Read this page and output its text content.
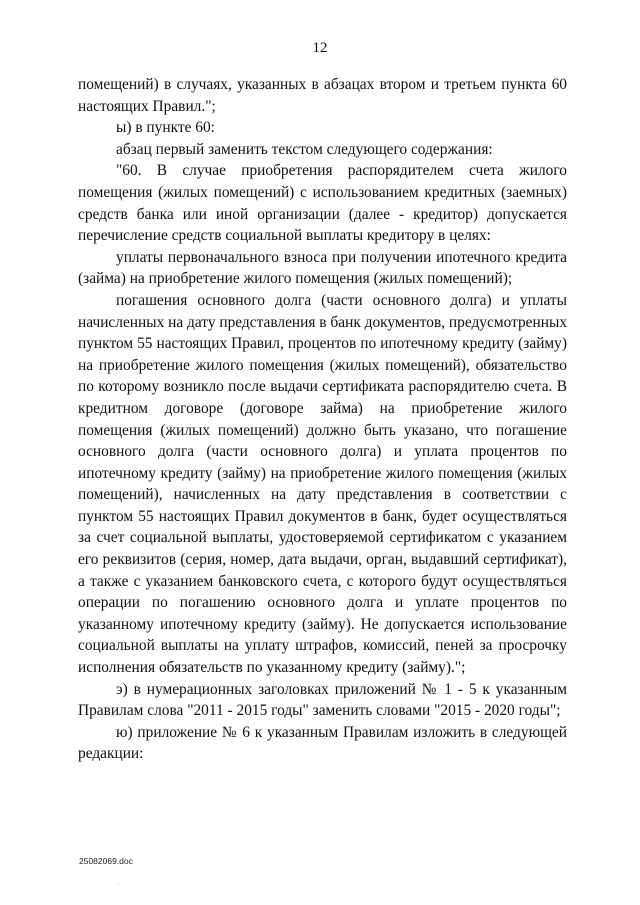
12

помещений) в случаях, указанных в абзацах втором и третьем пункта 60 настоящих Правил.";

ы) в пункте 60:

абзац первый заменить текстом следующего содержания:

"60. В случае приобретения распорядителем счета жилого помещения (жилых помещений) с использованием кредитных (заемных) средств банка или иной организации (далее - кредитор) допускается перечисление средств социальной выплаты кредитору в целях:

уплаты первоначального взноса при получении ипотечного кредита (займа) на приобретение жилого помещения (жилых помещений);

погашения основного долга (части основного долга) и уплаты начисленных на дату представления в банк документов, предусмотренных пунктом 55 настоящих Правил, процентов по ипотечному кредиту (займу) на приобретение жилого помещения (жилых помещений), обязательство по которому возникло после выдачи сертификата распорядителю счета. В кредитном договоре (договоре займа) на приобретение жилого помещения (жилых помещений) должно быть указано, что погашение основного долга (части основного долга) и уплата процентов по ипотечному кредиту (займу) на приобретение жилого помещения (жилых помещений), начисленных на дату представления в соответствии с пунктом 55 настоящих Правил документов в банк, будет осуществляться за счет социальной выплаты, удостоверяемой сертификатом с указанием его реквизитов (серия, номер, дата выдачи, орган, выдавший сертификат), а также с указанием банковского счета, с которого будут осуществляться операции по погашению основного долга и уплате процентов по указанному ипотечному кредиту (займу). Не допускается использование социальной выплаты на уплату штрафов, комиссий, пеней за просрочку исполнения обязательств по указанному кредиту (займу).";

э) в нумерационных заголовках приложений № 1 - 5 к указанным Правилам слова "2011 - 2015 годы" заменить словами "2015 - 2020 годы";

ю) приложение № 6 к указанным Правилам изложить в следующей редакции:

25082069.doc
.
